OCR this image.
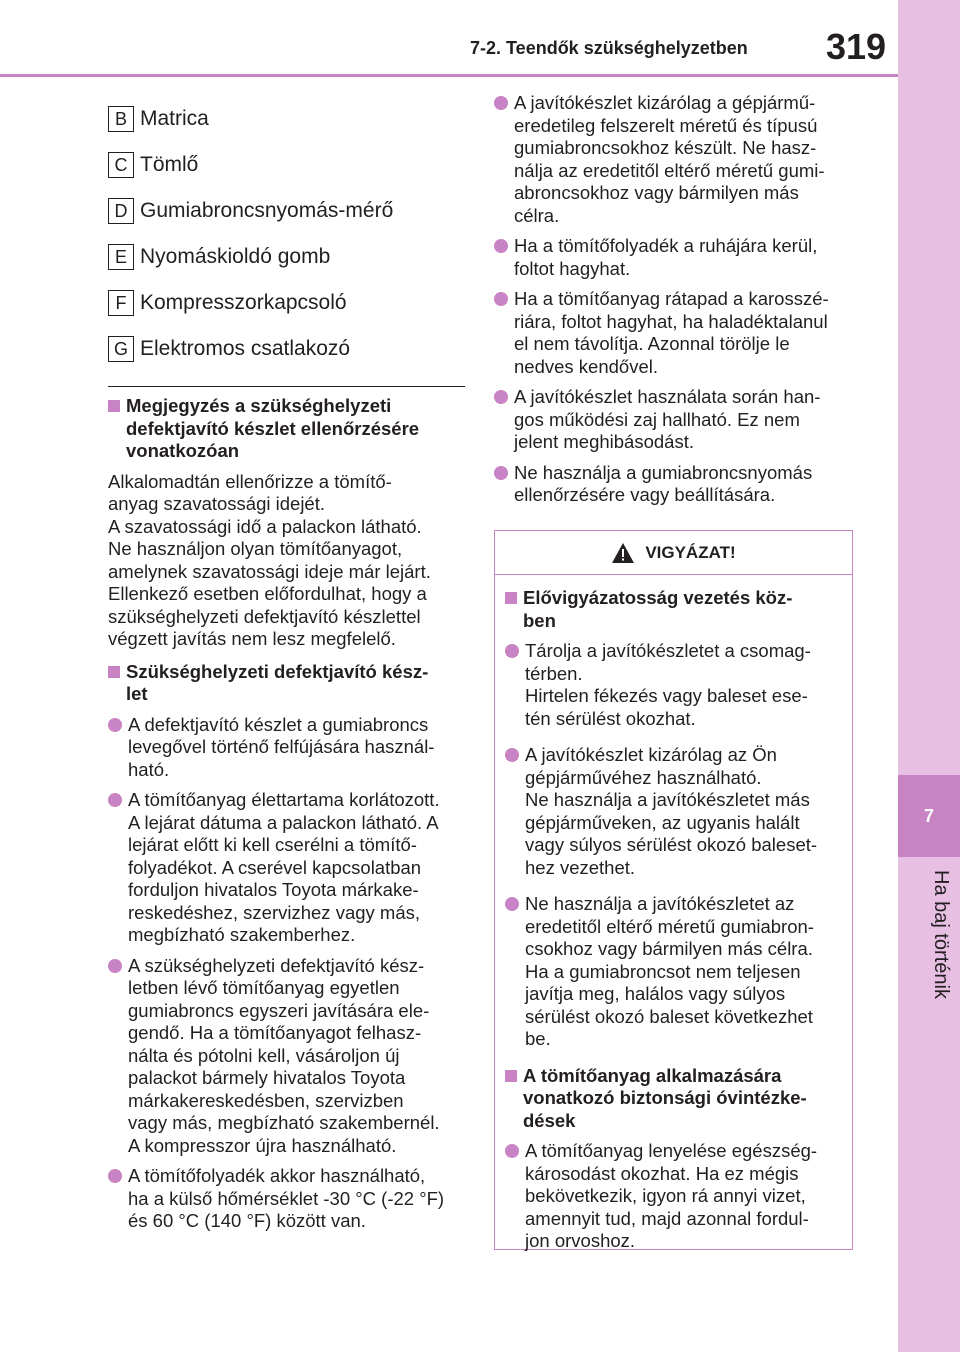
7-2. Teendők szükséghelyzetben 319
7
Ha baj történik
B Matrica
C Tömlő
D Gumiabroncsnyomás-mérő
E Nyomáskioldó gomb
F Kompresszorkapcsoló
G Elektromos csatlakozó
Megjegyzés a szükséghelyzeti
defektjavító készlet ellenőrzésére
vonatkozóan
Alkalomadtán ellenőrizze a tömítő-
anyag szavatossági idejét.
A szavatossági idő a palackon látható.
Ne használjon olyan tömítőanyagot,
amelynek szavatossági ideje már lejárt.
Ellenkező esetben előfordulhat, hogy a
szükséghelyzeti defektjavító készlettel
végzett javítás nem lesz megfelelő.
Szükséghelyzeti defektjavító kész-
let
A defektjavító készlet a gumiabroncs
levegővel történő felfújására használ-
ható.
A tömítőanyag élettartama korlátozott.
A lejárat dátuma a palackon látható. A
lejárat előtt ki kell cserélni a tömítő-
folyadékot. A cserével kapcsolatban
forduljon hivatalos Toyota márkake-
reskedéshez, szervizhez vagy más,
megbízható szakemberhez.
A szükséghelyzeti defektjavító kész-
letben lévő tömítőanyag egyetlen
gumiabroncs egyszeri javítására ele-
gendő. Ha a tömítőanyagot felhasz-
nálta és pótolni kell, vásároljon új
palackot bármely hivatalos Toyota
márkakereskedésben, szervizben
vagy más, megbízható szakembernél.
A kompresszor újra használható.
A tömítőfolyadék akkor használható,
ha a külső hőmérséklet -30 °C (-22 °F)
és 60 °C (140 °F) között van.
A javítókészlet kizárólag a gépjármű-
eredetileg felszerelt méretű és típusú
gumiabroncsokhoz készült. Ne hasz-
nálja az eredetitől eltérő méretű gumi-
abroncsokhoz vagy bármilyen más
célra.
Ha a tömítőfolyadék a ruhájára kerül,
foltot hagyhat.
Ha a tömítőanyag rátapad a karosszé-
riára, foltot hagyhat, ha haladéktalanul
el nem távolítja. Azonnal törölje le
nedves kendővel.
A javítókészlet használata során han-
gos működési zaj hallható. Ez nem
jelent meghibásodást.
Ne használja a gumiabroncsnyomás
ellenőrzésére vagy beállítására.
VIGYÁZAT!
Elővigyázatosság vezetés köz-
ben
Tárolja a javítókészletet a csomag-
térben.
Hirtelen fékezés vagy baleset ese-
tén sérülést okozhat.
A javítókészlet kizárólag az Ön
gépjárművéhez használható.
Ne használja a javítókészletet más
gépjárműveken, az ugyanis halált
vagy súlyos sérülést okozó baleset-
hez vezethet.
Ne használja a javítókészletet az
eredetitől eltérő méretű gumiabron-
csokhoz vagy bármilyen más célra.
Ha a gumiabroncsot nem teljesen
javítja meg, halálos vagy súlyos
sérülést okozó baleset következhet
be.
A tömítőanyag alkalmazására
vonatkozó biztonsági óvintézke-
dések
A tömítőanyag lenyelése egészség-
károsodást okozhat. Ha ez mégis
bekövetkezik, igyon rá annyi vizet,
amennyit tud, majd azonnal fordul-
jon orvoshoz.
